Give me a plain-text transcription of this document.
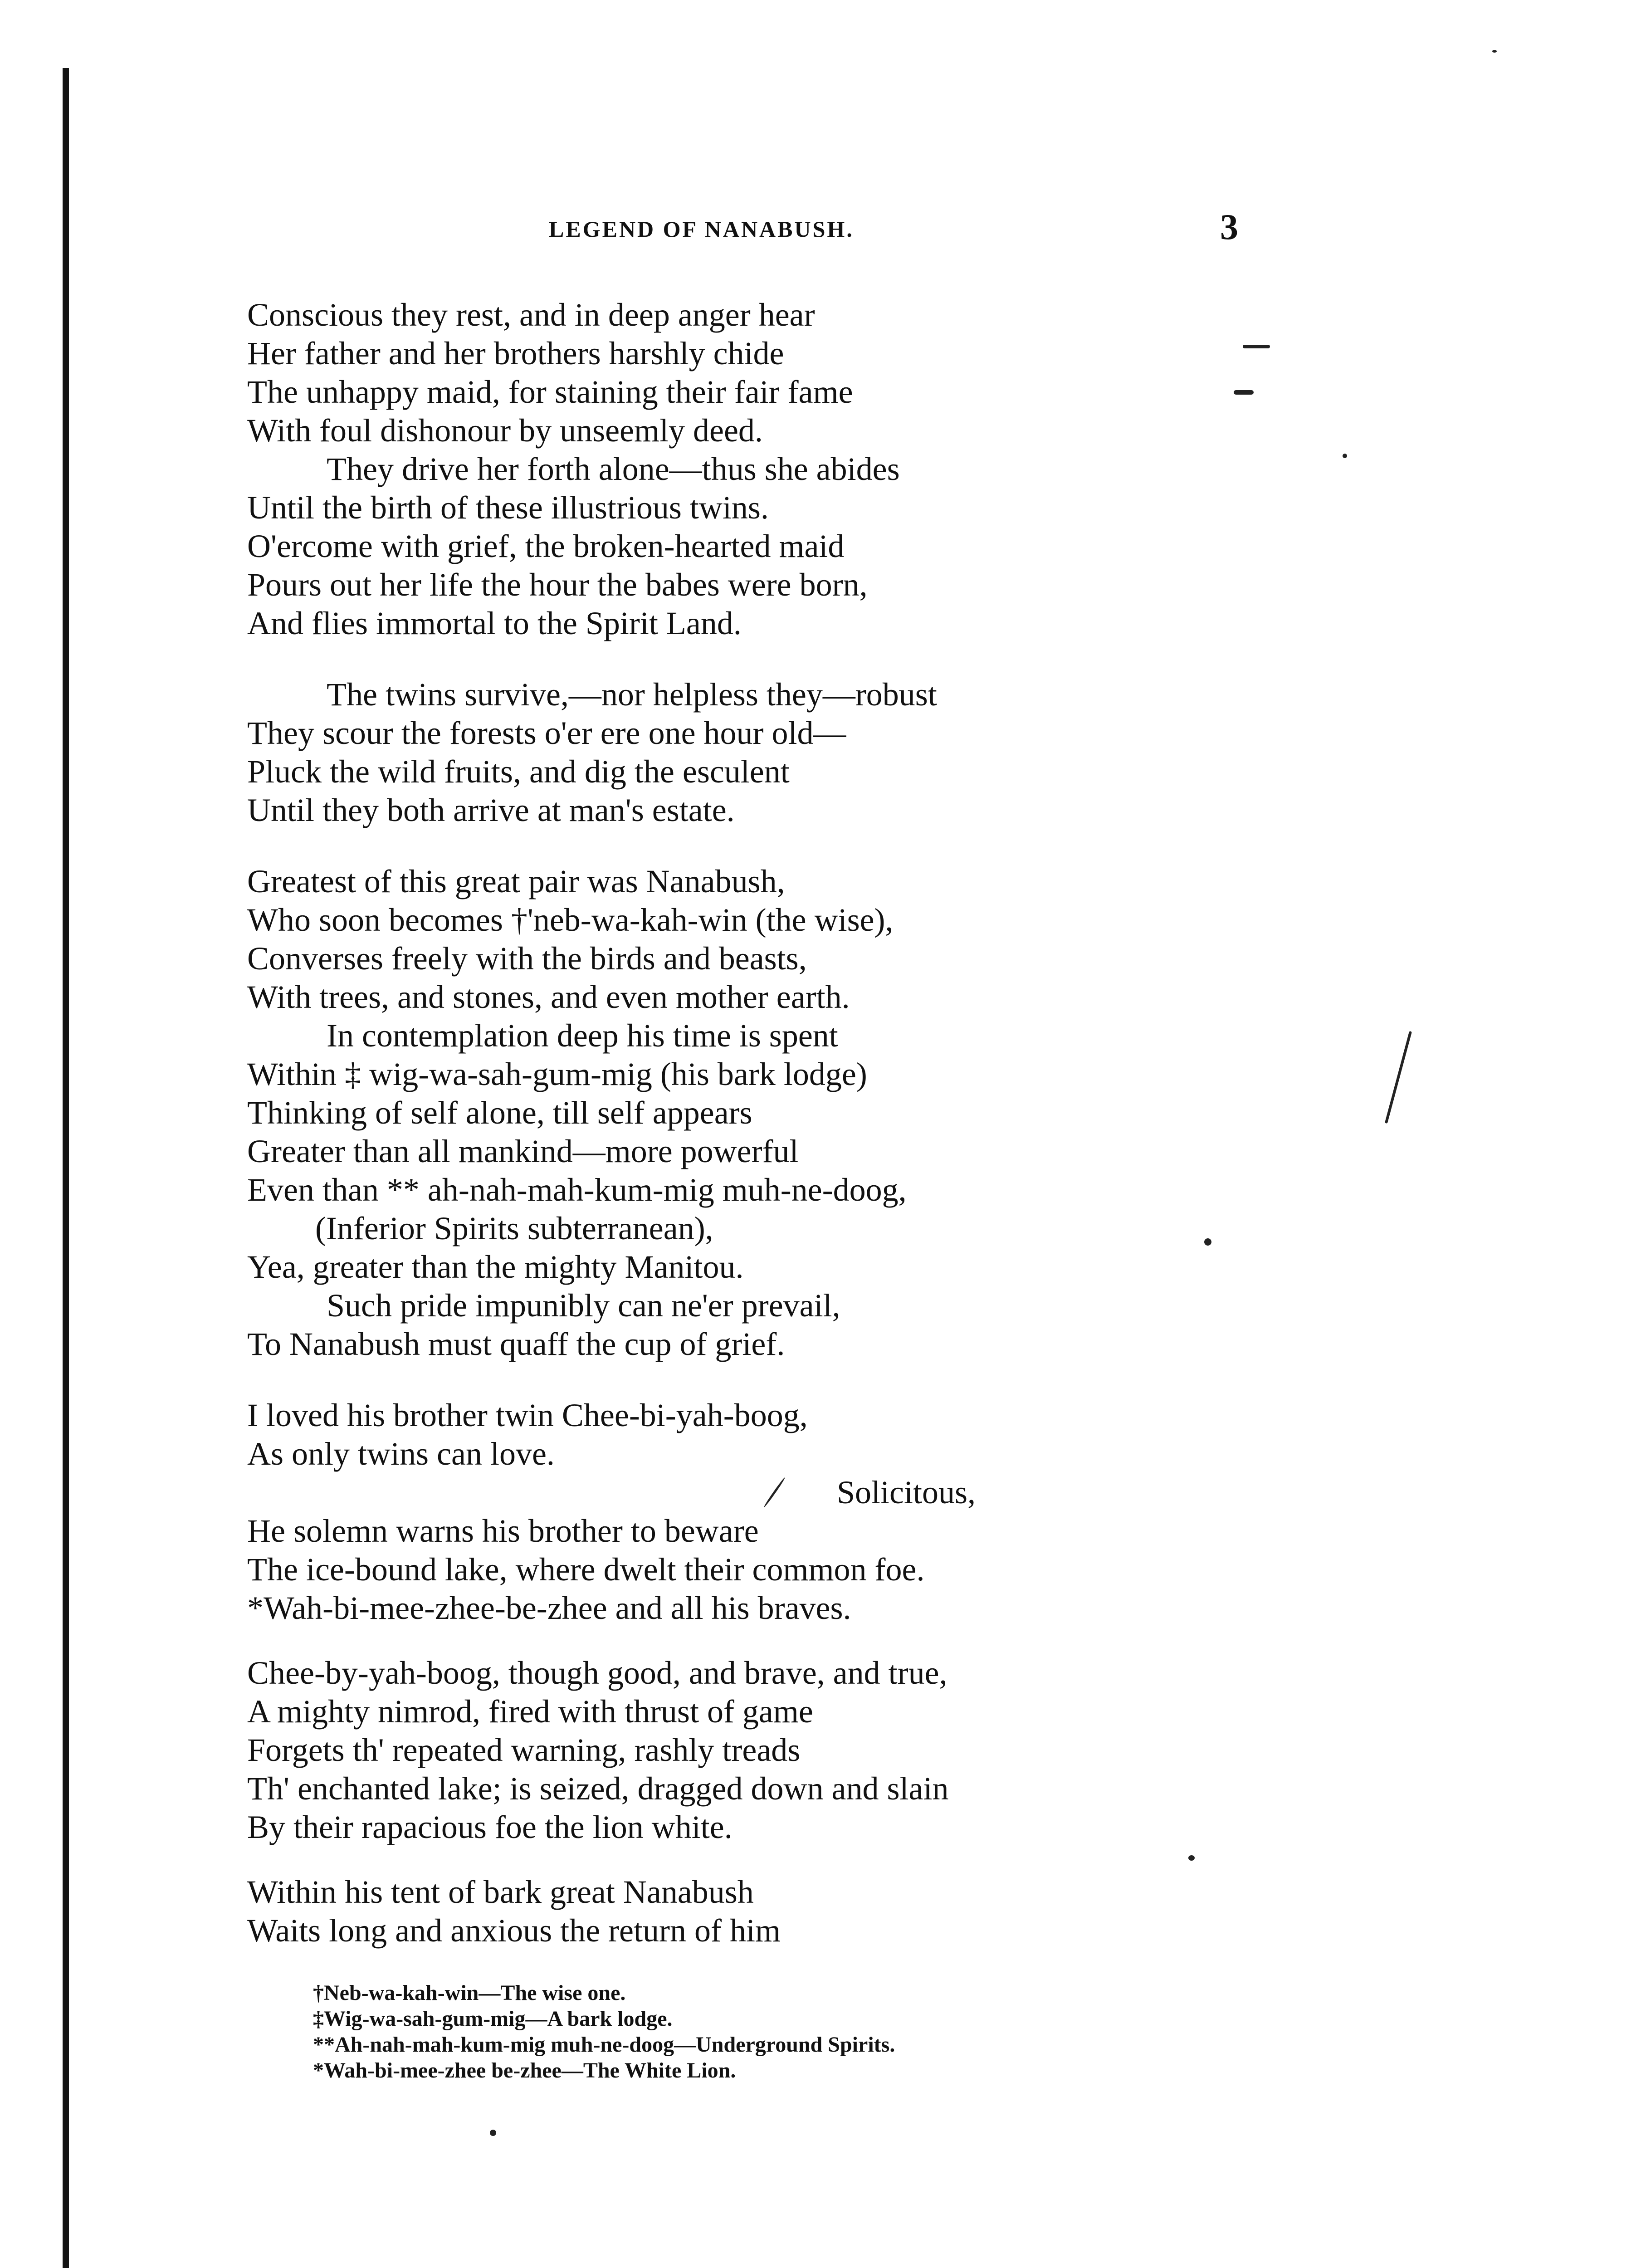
LEGEND OF NANABUSH.	3
Conscious they rest, and in deep anger hear
Her father and her brothers harshly chide
The unhappy maid, for staining their fair fame
With foul dishonour by unseemly deed.
They drive her forth alone—thus she abides
Until the birth of these illustrious twins.
O'ercome with grief, the broken-hearted maid
Pours out her life the hour the babes were born,
And flies immortal to the Spirit Land.
The twins survive,—nor helpless they—robust
They scour the forests o'er ere one hour old—
Pluck the wild fruits, and dig the esculent
Until they both arrive at man's estate.
Greatest of this great pair was Nanabush,
Who soon becomes †'neb-wa-kah-win (the wise),
Converses freely with the birds and beasts,
With trees, and stones, and even mother earth.
In contemplation deep his time is spent
Within ‡ wig-wa-sah-gum-mig (his bark lodge)
Thinking of self alone, till self appears
Greater than all mankind—more powerful
Even than ** ah-nah-mah-kum-mig muh-ne-doog,
(Inferior Spirits subterranean),
Yea, greater than the mighty Manitou.
Such pride impunibly can ne'er prevail,
To Nanabush must quaff the cup of grief.
I loved his brother twin Chee-bi-yah-boog,
As only twins can love.
Solicitous,
He solemn warns his brother to beware
The ice-bound lake, where dwelt their common foe.
*Wah-bi-mee-zhee-be-zhee and all his braves.
Chee-by-yah-boog, though good, and brave, and true,
A mighty nimrod, fired with thrust of game
Forgets th' repeated warning, rashly treads
Th' enchanted lake; is seized, dragged down and slain
By their rapacious foe the lion white.
Within his tent of bark great Nanabush
Waits long and anxious the return of him
†Neb-wa-kah-win—The wise one.
‡Wig-wa-sah-gum-mig—A bark lodge.
**Ah-nah-mah-kum-mig muh-ne-doog—Underground Spirits.
*Wah-bi-mee-zhee be-zhee—The White Lion.
